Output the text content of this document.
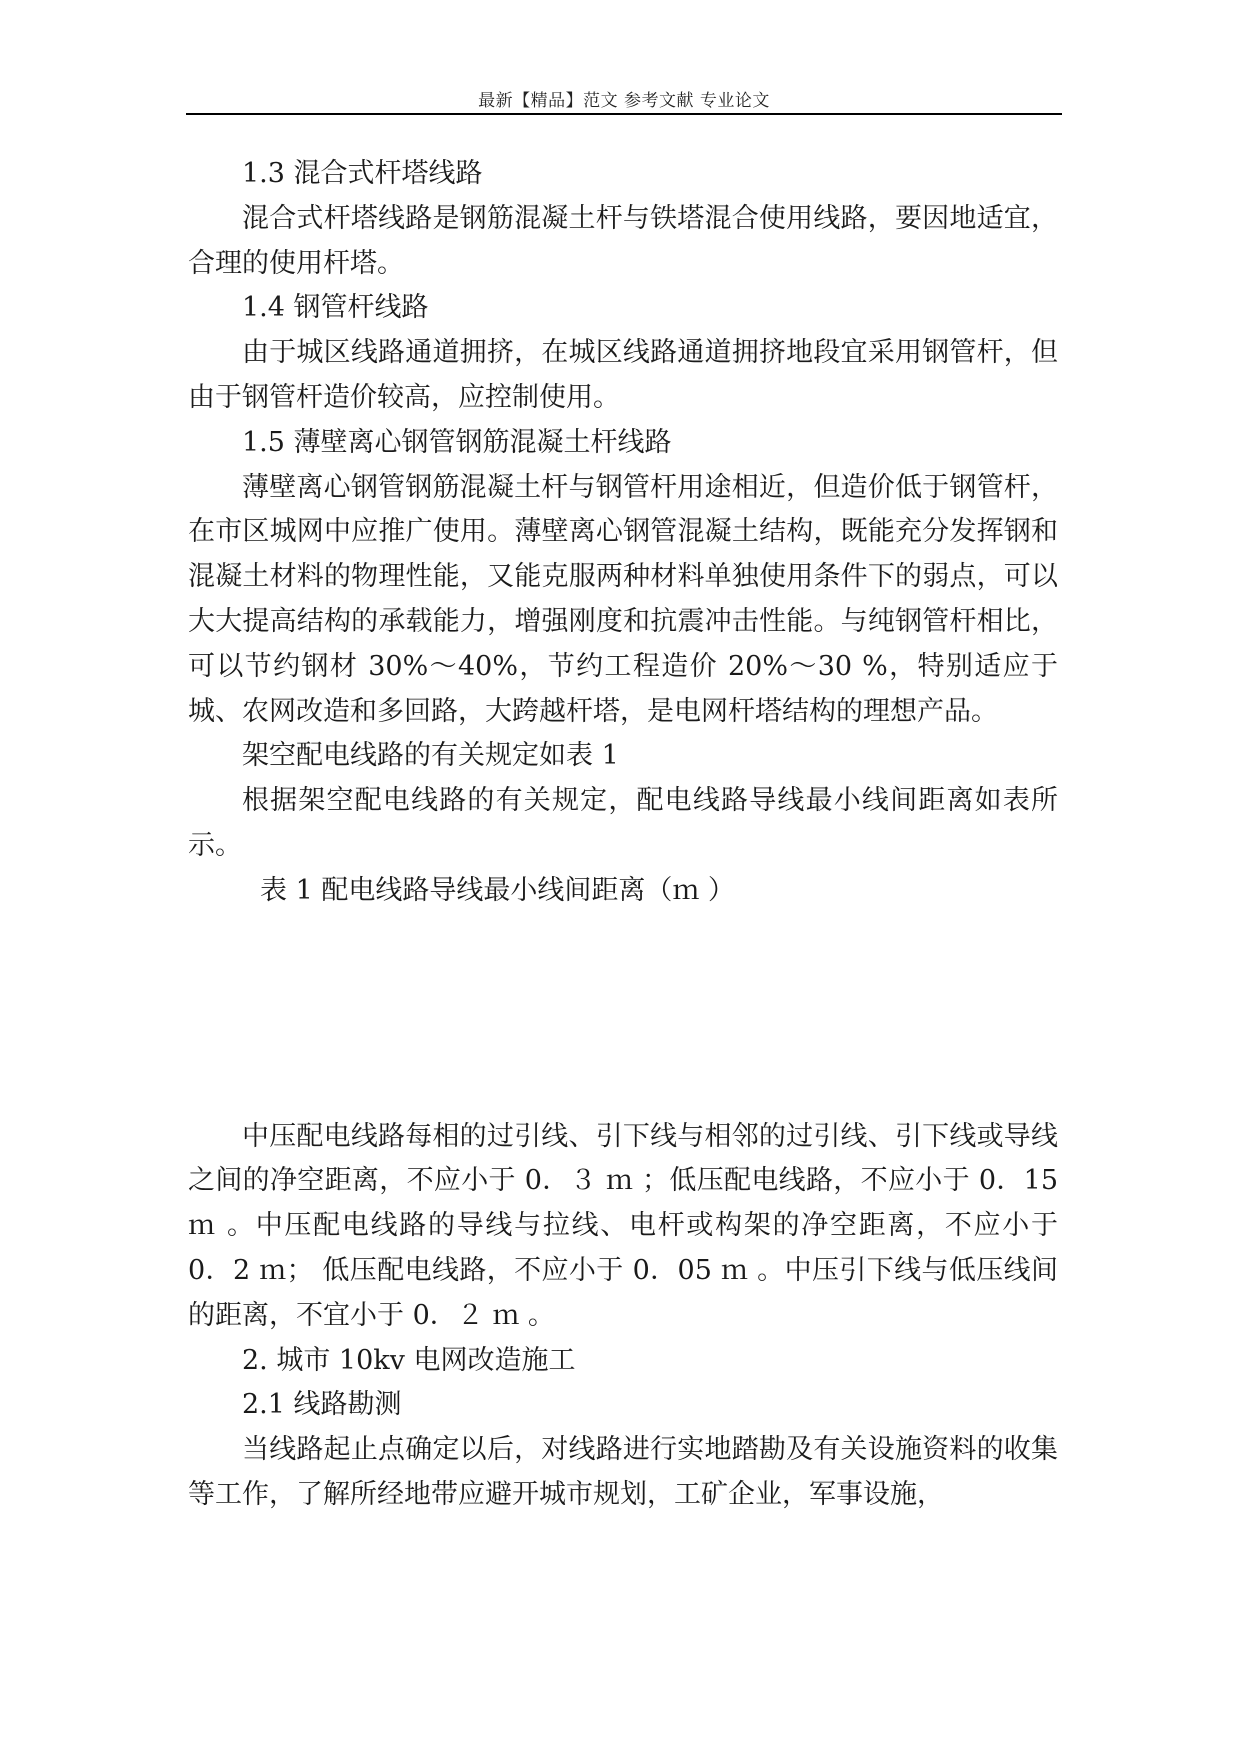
最新【精品】范文 参考文献 专业论文

1.3 混合式杆塔线路

混合式杆塔线路是钢筋混凝土杆与铁塔混合使用线路，要因地适宜，合理的使用杆塔。

1.4 钢管杆线路

由于城区线路通道拥挤，在城区线路通道拥挤地段宜采用钢管杆，但由于钢管杆造价较高，应控制使用。

1.5 薄壁离心钢管钢筋混凝土杆线路

薄壁离心钢管钢筋混凝土杆与钢管杆用途相近，但造价低于钢管杆，在市区城网中应推广使用。薄壁离心钢管混凝土结构，既能充分发挥钢和混凝土材料的物理性能，又能克服两种材料单独使用条件下的弱点，可以大大提高结构的承载能力，增强刚度和抗震冲击性能。与纯钢管杆相比，可以节约钢材 30%～40%，节约工程造价 20%～30 %，特别适应于城、农网改造和多回路，大跨越杆塔，是电网杆塔结构的理想产品。

架空配电线路的有关规定如表 1

根据架空配电线路的有关规定，配电线路导线最小线间距离如表所示。

表 1 配电线路导线最小线间距离（ｍ ）

中压配电线路每相的过引线、引下线与相邻的过引线、引下线或导线之间的净空距离，不应小于 0．３ ｍ ；低压配电线路，不应小于 0．15 ｍ 。中压配电线路的导线与拉线、电杆或构架的净空距离，不应小于 0．2 ｍ； 低压配电线路，不应小于 0．05 ｍ 。中压引下线与低压线间的距离，不宜小于 0．２ ｍ 。

2. 城市 10kv 电网改造施工

2.1 线路勘测

当线路起止点确定以后，对线路进行实地踏勘及有关设施资料的收集等工作，了解所经地带应避开城市规划，工矿企业，军事设施，
